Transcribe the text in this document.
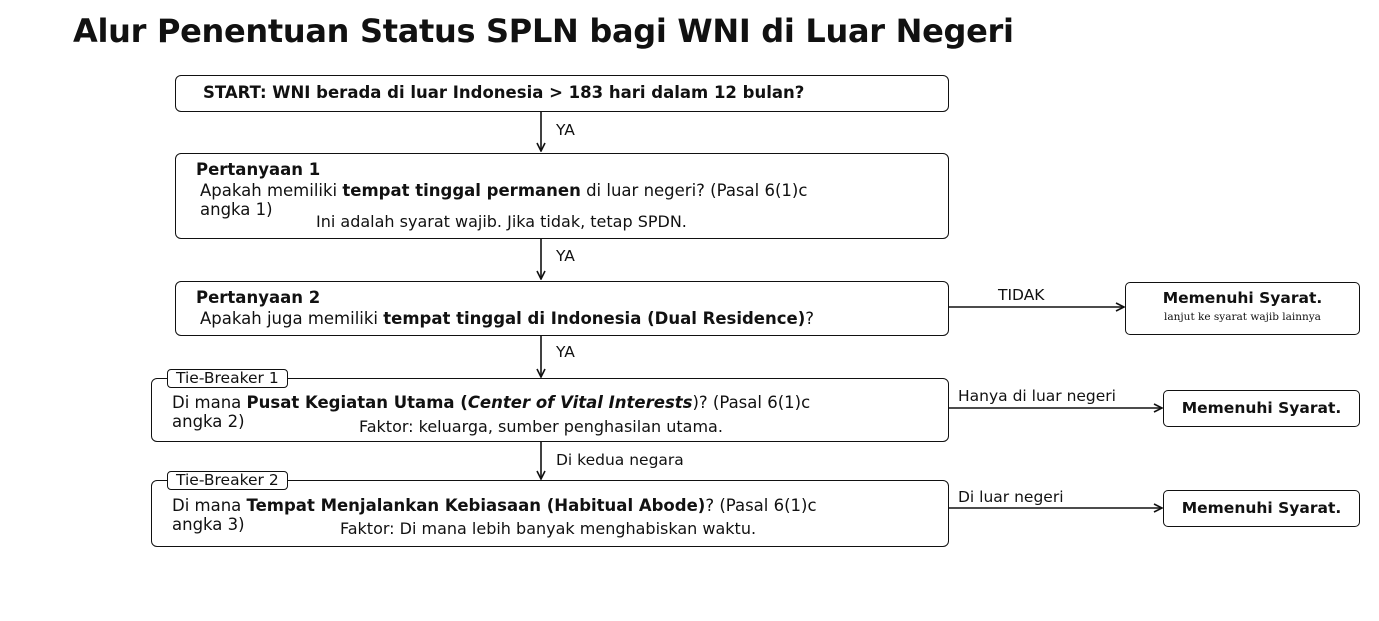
Alur Penentuan Status SPLN bagi WNI di Luar Negeri
START: WNI berada di luar Indonesia > 183 hari dalam 12 bulan?
YA
Pertanyaan 1
Apakah memiliki tempat tinggal permanen di luar negeri? (Pasal 6(1)c
angka 1)
Ini adalah syarat wajib. Jika tidak, tetap SPDN.
YA
Pertanyaan 2
Apakah juga memiliki tempat tinggal di Indonesia (Dual Residence)?
TIDAK	Memenuhi Syarat.
lanjut ke syarat wajib lainnya
YA
Di mana Pusat Kegiatan Utama (Center of Vital Interests)? (Pasal 6(1)c
angka 2)	Faktor: keluarga, sumber penghasilan utama.
Tie-Breaker 1
Hanya di luar negeri
Memenuhi Syarat.
Di kedua negara
Di mana Tempat Menjalankan Kebiasaan (Habitual Abode)? (Pasal 6(1)c
angka 3)	Faktor: Di mana lebih banyak menghabiskan waktu.
Tie-Breaker 2
Di luar negeri
Memenuhi Syarat.
